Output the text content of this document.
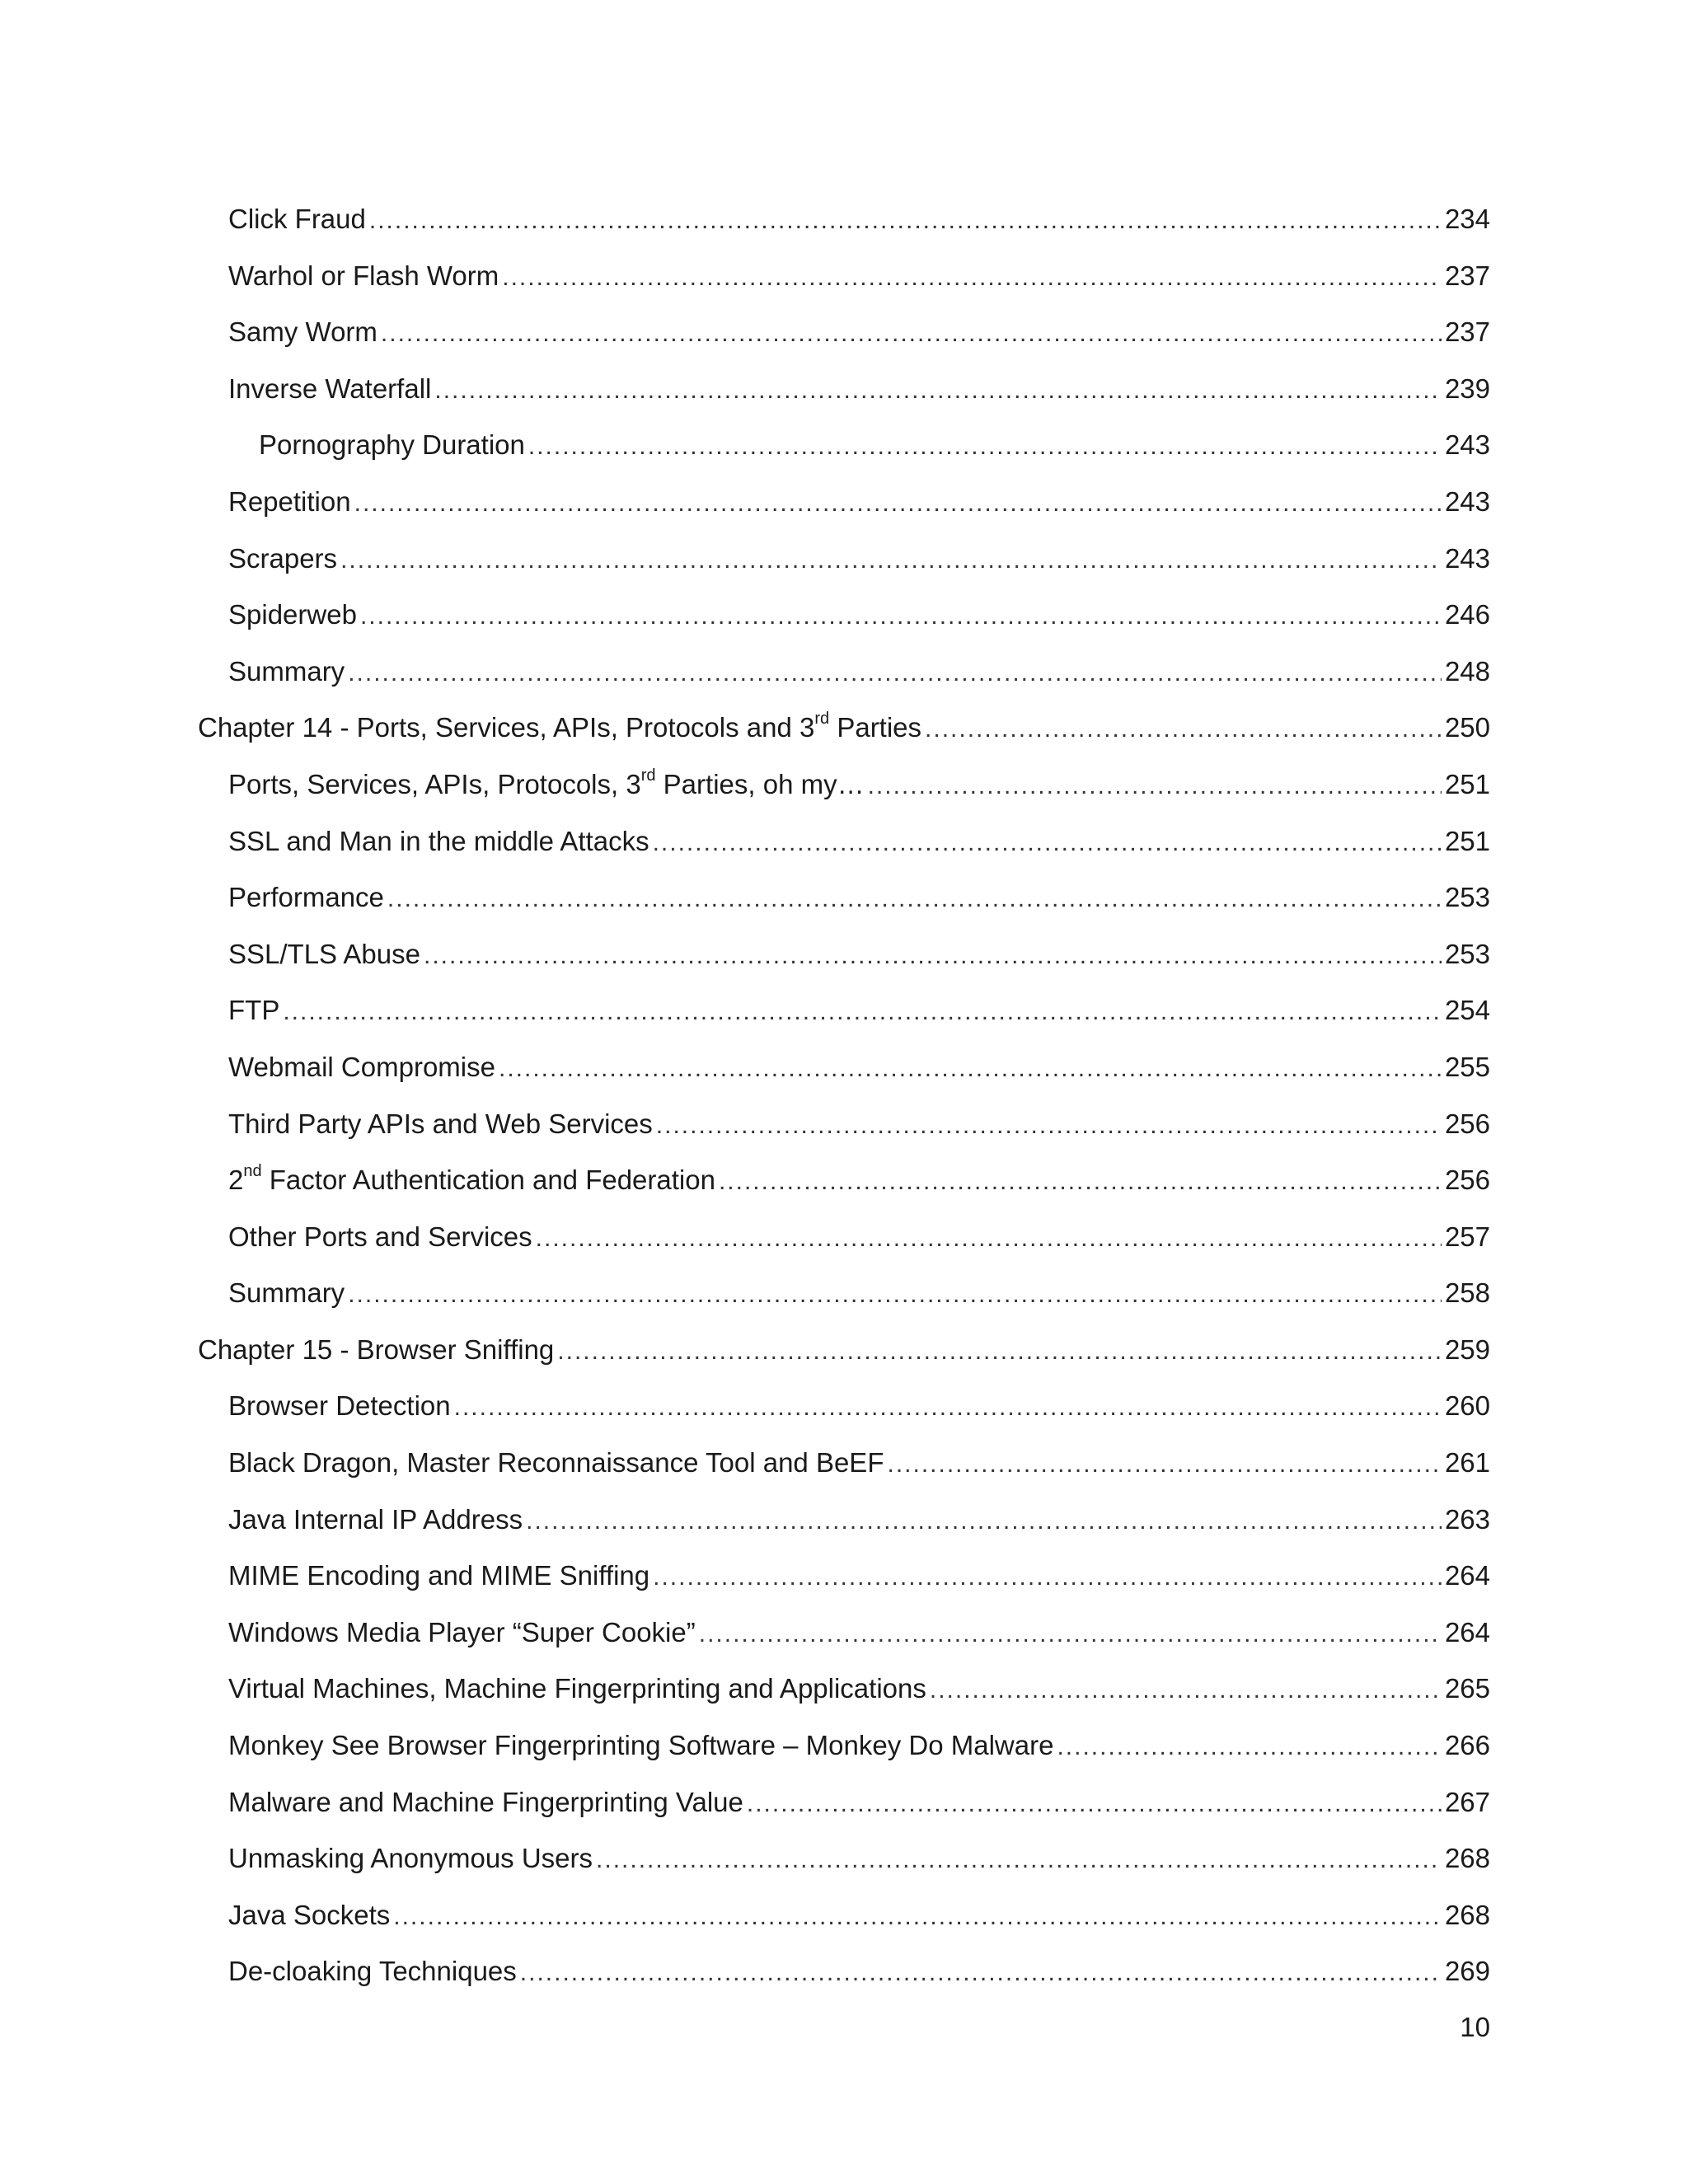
Click Fraud .....	234
Warhol or Flash Worm .....	237
Samy Worm .....	237
Inverse Waterfall .....	239
Pornography Duration .....	243
Repetition .....	243
Scrapers .....	243
Spiderweb .....	246
Summary .....	248
Chapter 14 - Ports, Services, APIs, Protocols and 3rd Parties .....	250
Ports, Services, APIs, Protocols, 3rd Parties, oh my… .....	251
SSL and Man in the middle Attacks .....	251
Performance .....	253
SSL/TLS Abuse .....	253
FTP .....	254
Webmail Compromise .....	255
Third Party APIs and Web Services .....	256
2nd Factor Authentication and Federation .....	256
Other Ports and Services .....	257
Summary .....	258
Chapter 15 - Browser Sniffing .....	259
Browser Detection .....	260
Black Dragon, Master Reconnaissance Tool and BeEF .....	261
Java Internal IP Address .....	263
MIME Encoding and MIME Sniffing .....	264
Windows Media Player “Super Cookie” .....	264
Virtual Machines, Machine Fingerprinting and Applications .....	265
Monkey See Browser Fingerprinting Software – Monkey Do Malware .....	266
Malware and Machine Fingerprinting Value .....	267
Unmasking Anonymous Users .....	268
Java Sockets .....	268
De-cloaking Techniques .....	269
10
